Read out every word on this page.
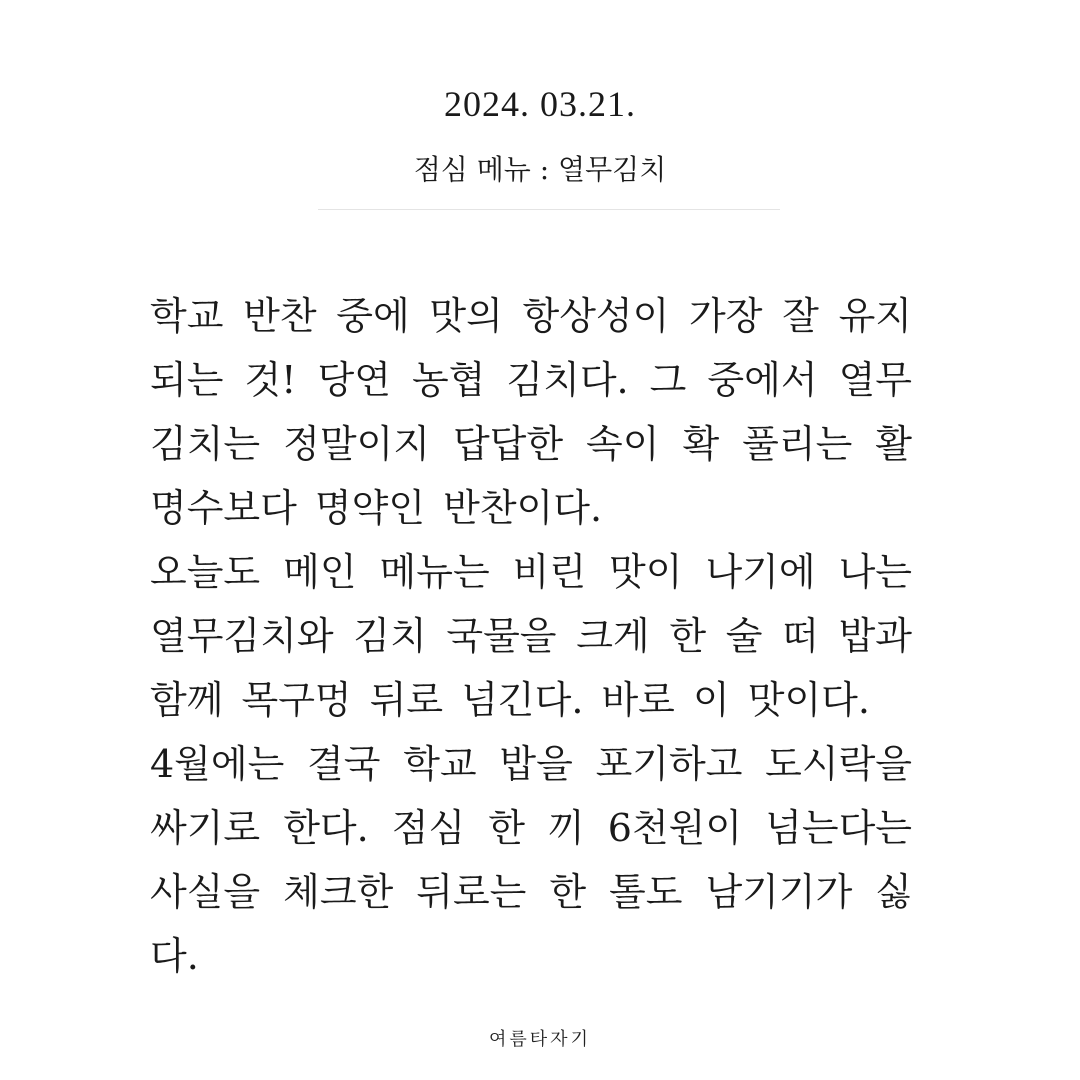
2024. 03.21.
점심 메뉴 : 열무김치

학교 반찬 중에 맛의 항상성이 가장 잘 유지되는 것! 당연 농협 김치다. 그 중에서 열무김치는 정말이지 답답한 속이 확 풀리는 활명수보다 명약인 반찬이다.

오늘도 메인 메뉴는 비린 맛이 나기에 나는 열무김치와 김치 국물을 크게 한 술 떠 밥과 함께 목구멍 뒤로 넘긴다. 바로 이 맛이다.

4월에는 결국 학교 밥을 포기하고 도시락을 싸기로 한다. 점심 한 끼 6천원이 넘는다는 사실을 체크한 뒤로는 한 톨도 남기기가 싫다.

여름타자기
